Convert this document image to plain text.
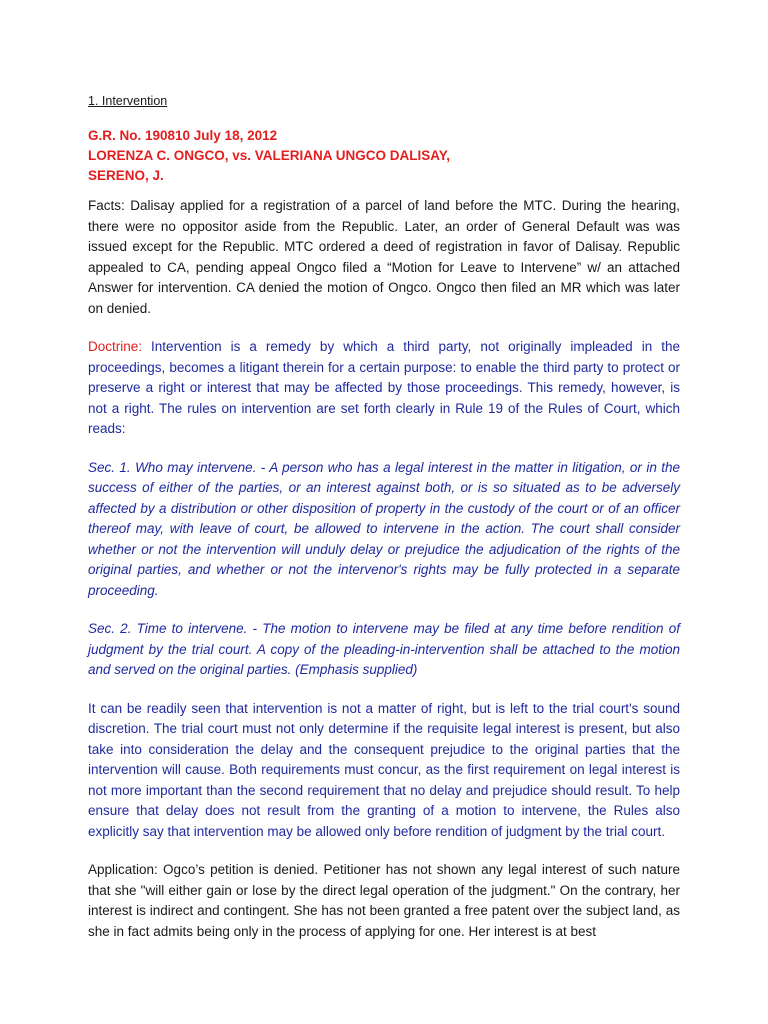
1. Intervention
G.R. No. 190810 July 18, 2012
LORENZA C. ONGCO, vs. VALERIANA UNGCO DALISAY,
SERENO, J.

Facts: Dalisay applied for a registration of a parcel of land before the MTC. During the hearing, there were no oppositor aside from the Republic. Later, an order of General Default was was issued except for the Republic. MTC ordered a deed of registration in favor of Dalisay. Republic appealed to CA, pending appeal Ongco filed a “Motion for Leave to Intervene” w/ an attached Answer for intervention. CA denied the motion of Ongco. Ongco then filed an MR which was later on denied.

Doctrine: Intervention is a remedy by which a third party, not originally impleaded in the proceedings, becomes a litigant therein for a certain purpose: to enable the third party to protect or preserve a right or interest that may be affected by those proceedings. This remedy, however, is not a right. The rules on intervention are set forth clearly in Rule 19 of the Rules of Court, which reads:

Sec. 1. Who may intervene. - A person who has a legal interest in the matter in litigation, or in the success of either of the parties, or an interest against both, or is so situated as to be adversely affected by a distribution or other disposition of property in the custody of the court or of an officer thereof may, with leave of court, be allowed to intervene in the action. The court shall consider whether or not the intervention will unduly delay or prejudice the adjudication of the rights of the original parties, and whether or not the intervenor's rights may be fully protected in a separate proceeding.

Sec. 2. Time to intervene. - The motion to intervene may be filed at any time before rendition of judgment by the trial court. A copy of the pleading-in-intervention shall be attached to the motion and served on the original parties. (Emphasis supplied)

It can be readily seen that intervention is not a matter of right, but is left to the trial court's sound discretion. The trial court must not only determine if the requisite legal interest is present, but also take into consideration the delay and the consequent prejudice to the original parties that the intervention will cause. Both requirements must concur, as the first requirement on legal interest is not more important than the second requirement that no delay and prejudice should result. To help ensure that delay does not result from the granting of a motion to intervene, the Rules also explicitly say that intervention may be allowed only before rendition of judgment by the trial court.

Application: Ogco’s petition is denied. Petitioner has not shown any legal interest of such nature that she "will either gain or lose by the direct legal operation of the judgment." On the contrary, her interest is indirect and contingent. She has not been granted a free patent over the subject land, as she in fact admits being only in the process of applying for one. Her interest is at best
